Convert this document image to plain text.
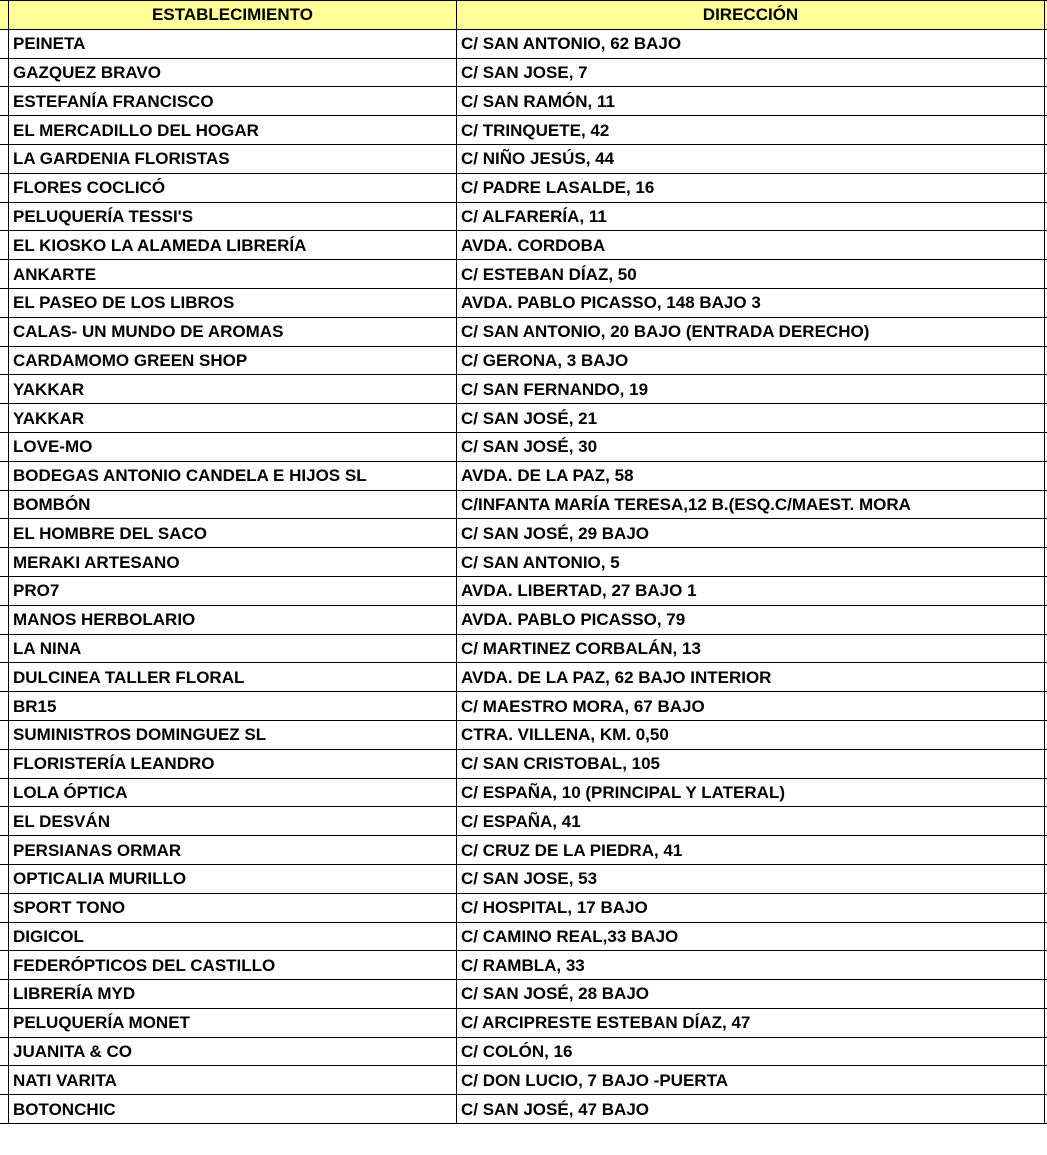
	ESTABLECIMIENTO	DIRECCIÓN	
	PEINETA	C/ SAN ANTONIO, 62 BAJO	
	GAZQUEZ BRAVO	C/ SAN JOSE, 7	
	ESTEFANÍA FRANCISCO	C/ SAN RAMÓN, 11	
	EL MERCADILLO DEL HOGAR	C/ TRINQUETE, 42	
	LA GARDENIA FLORISTAS	C/ NIÑO JESÚS, 44	
	FLORES COCLICÓ	C/ PADRE LASALDE, 16	
	PELUQUERÍA TESSI'S	C/ ALFARERÍA, 11	
	EL KIOSKO LA ALAMEDA LIBRERÍA	AVDA. CORDOBA	
	ANKARTE	C/ ESTEBAN DÍAZ, 50	
	EL PASEO DE LOS LIBROS	AVDA. PABLO PICASSO, 148 BAJO 3	
	CALAS- UN MUNDO DE AROMAS	C/ SAN ANTONIO, 20 BAJO (ENTRADA DERECHO)	
	CARDAMOMO GREEN SHOP	C/ GERONA, 3 BAJO	
	YAKKAR	C/ SAN FERNANDO, 19	
	YAKKAR	C/ SAN JOSÉ, 21	
	LOVE-MO	C/ SAN JOSÉ, 30	
	BODEGAS ANTONIO CANDELA E HIJOS SL	AVDA. DE LA PAZ, 58	
	BOMBÓN	C/INFANTA MARÍA TERESA,12 B.(ESQ.C/MAEST. MORA	
	EL HOMBRE DEL SACO	C/ SAN JOSÉ, 29 BAJO	
	MERAKI ARTESANO	C/ SAN ANTONIO, 5	
	PRO7	AVDA. LIBERTAD, 27 BAJO 1	
	MANOS HERBOLARIO	AVDA. PABLO PICASSO, 79	
	LA NINA	C/ MARTINEZ CORBALÁN, 13	
	DULCINEA TALLER FLORAL	AVDA. DE LA PAZ, 62 BAJO INTERIOR	
	BR15	C/ MAESTRO MORA, 67 BAJO	
	SUMINISTROS DOMINGUEZ SL	CTRA. VILLENA, KM. 0,50	
	FLORISTERÍA LEANDRO	C/ SAN CRISTOBAL, 105	
	LOLA ÓPTICA	C/ ESPAÑA, 10 (PRINCIPAL Y LATERAL)	
	EL DESVÁN	C/ ESPAÑA, 41	
	PERSIANAS ORMAR	C/ CRUZ DE LA PIEDRA, 41	
	OPTICALIA MURILLO	C/ SAN JOSE, 53	
	SPORT TONO	C/ HOSPITAL, 17 BAJO	
	DIGICOL	C/ CAMINO REAL,33 BAJO	
	FEDERÓPTICOS DEL CASTILLO	C/ RAMBLA, 33	
	LIBRERÍA MYD	C/ SAN JOSÉ, 28 BAJO	
	PELUQUERÍA MONET	C/ ARCIPRESTE ESTEBAN DÍAZ, 47	
	JUANITA & CO	C/ COLÓN, 16	
	NATI VARITA	C/ DON LUCIO, 7 BAJO -PUERTA	
	BOTONCHIC	C/ SAN JOSÉ, 47 BAJO	
